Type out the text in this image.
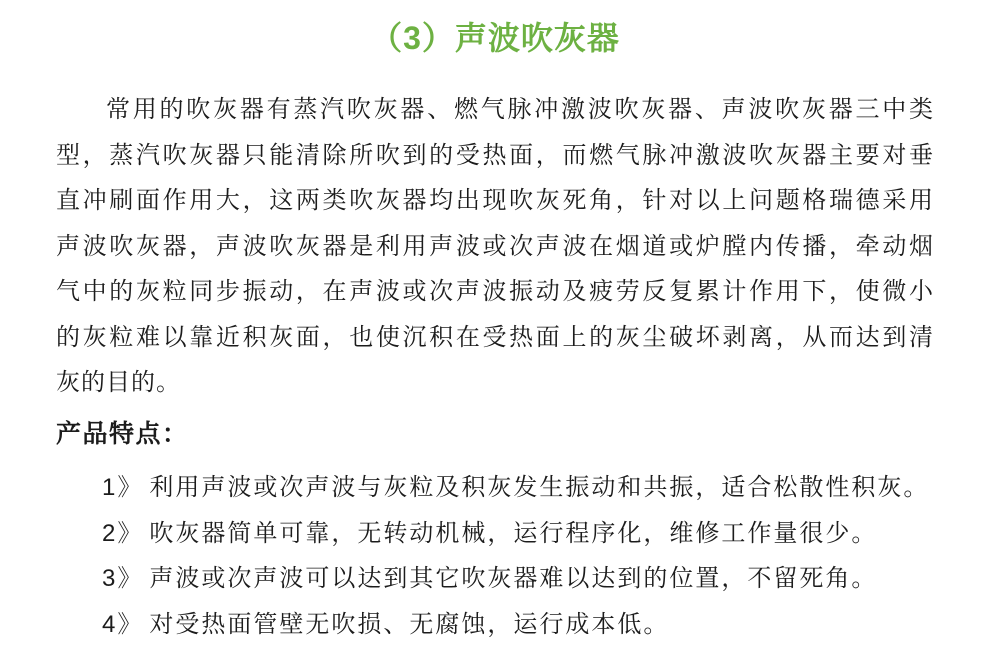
（3）声波吹灰器
常用的吹灰器有蒸汽吹灰器、燃气脉冲激波吹灰器、声波吹灰器三中类
型，蒸汽吹灰器只能清除所吹到的受热面，而燃气脉冲激波吹灰器主要对垂
直冲刷面作用大，这两类吹灰器均出现吹灰死角，针对以上问题格瑞德采用
声波吹灰器，声波吹灰器是利用声波或次声波在烟道或炉膛内传播，牵动烟
气中的灰粒同步振动，在声波或次声波振动及疲劳反复累计作用下，使微小
的灰粒难以靠近积灰面，也使沉积在受热面上的灰尘破坏剥离，从而达到清
灰的目的。
产品特点：
1》 利用声波或次声波与灰粒及积灰发生振动和共振，适合松散性积灰。
2》 吹灰器简单可靠，无转动机械，运行程序化，维修工作量很少。
3》 声波或次声波可以达到其它吹灰器难以达到的位置，不留死角。
4》 对受热面管壁无吹损、无腐蚀，运行成本低。
